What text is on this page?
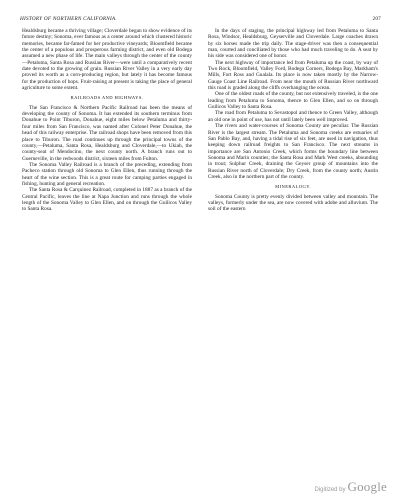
HISTORY OF NORTHERN CALIFORNIA.	207

Healdsburg became a thriving village; Cloverdale began to show evidence of its future destiny; Sonoma, ever famous as a center around which clustered historic memories, became far-famed for her productive vineyards; Bloomfield became the center of a populous and prosperous farming district, and even old Bodega assumed a new phase of life. The main valleys through the center of the county—Petaluma, Santa Rosa and Russian River—were until a comparatively recent date devoted to the growing of grain. Russian River Valley in a very early day proved its worth as a corn-producing region, but lately it has become famous for the production of hops. Fruit-raising at present is taking the place of general agriculture to some extent.

RAILROADS AND HIGHWAYS.

The San Francisco & Northern Pacific Railroad has been the means of developing the county of Sonoma. It has extended its southern terminus from Donahue to Point Tiburon, Donahue, eight miles below Petaluma and thirty-four miles from San Francisco, was named after Colonel Peter Donahue, the head of this railway enterprise. The railroad shops have been removed from this place to Tiburon. The road continues up through the principal towns of the county,—Petaluma, Santa Rosa, Healdsburg and Cloverdale,—to Ukiah, the county-seat of Mendocino, the next county north. A branch runs out to Guerneville, in the redwoods district, sixteen miles from Fulton.

The Sonoma Valley Railroad is a branch of the preceding, extending from Pacheco station through old Sonoma to Glen Ellen, thus running through the heart of the wine section. This is a great route for camping parties engaged in fishing, hunting and general recreation.

The Santa Rosa & Carquinez Railroad, completed in 1887 as a branch of the Central Pacific, leaves the line at Napa Junction and runs through the whole length of the Sonoma Valley to Glen Ellen, and on through the Guilicos Valley to Santa Rosa.

In the days of staging, the principal highway led from Petaluma to Santa Rosa, Windsor, Healdsburg, Geyserville and Cloverdale. Large coaches drawn by six horses made the trip daily. The stage-driver was then a consequential man, courted and conciliated by those who had much traveling to do. A seat by his side was considered one of honor.

The next highway of importance led from Petaluma up the coast, by way of Two Rock, Bloomfield, Valley Ford, Bodega Corners, Bodega Bay, Markham's Mills, Fort Ross and Gualala. Its place is now taken mostly by the Narrow-Gauge Coast Line Railroad. From near the mouth of Russian River northward this road is graded along the cliffs overhanging the ocean.

One of the oldest roads of the county, but not extensively traveled, is the one leading from Petaluma to Sonoma, thence to Glen Ellen, and so on through Guilicos Valley to Santa Rosa.

The road from Petaluma to Sevastopol and thence to Green Valley, although an old one in point of use, has not until lately been well improved.

The rivers and water-courses of Sonoma County are peculiar. The Russian River is the largest stream. The Petaluma and Sonoma creeks are estuaries of San Pablo Bay, and, having a tidal rise of six feet, are used in navigation, thus keeping down railroad freights to San Francisco. The next streams in importance are San Antonio Creek, which forms the boundary line between Sonoma and Marin counties; the Santa Rosa and Mark West creeks, abounding in trout; Sulphur Creek, draining the Geyser group of mountains into the Russian River north of Cloverdale; Dry Creek, from the county north; Austin Creek, also in the northern part of the county.

MINERALOGY.

Sonoma County is pretty evenly divided between valley and mountain. The valleys, formerly under the sea, are now covered with adobe and alluvium. The soil of the eastern

Digitized by Google
